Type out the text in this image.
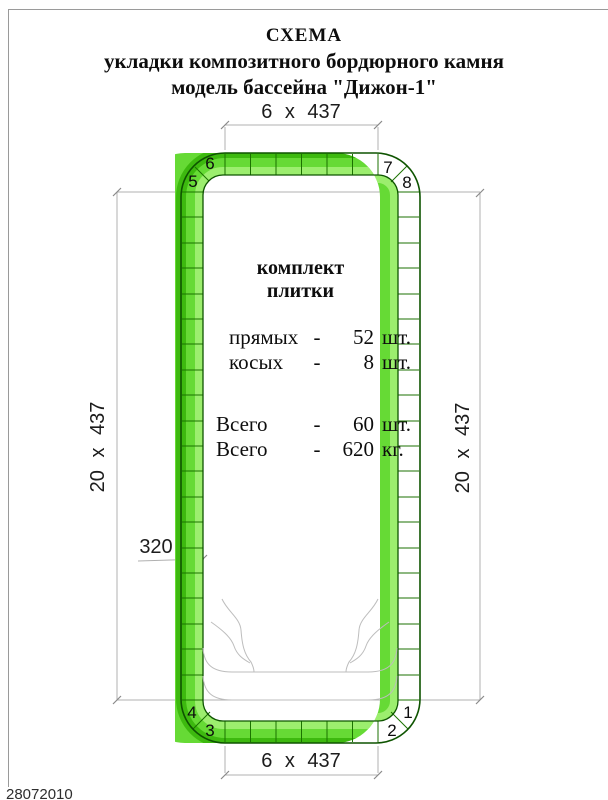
СХЕМА
укладки композитного бордюрного камня
модель бассейна "Дижон-1"
6
5
7
8
4
3	2
1
6 x 437
6 x 437
20 x 437	20 x 437
320
комплект
плитки
прямых -	52 шт.
косых	-	8 шт.
Всего	-	60 шт.
Всего	-	620 кг.
28072010
